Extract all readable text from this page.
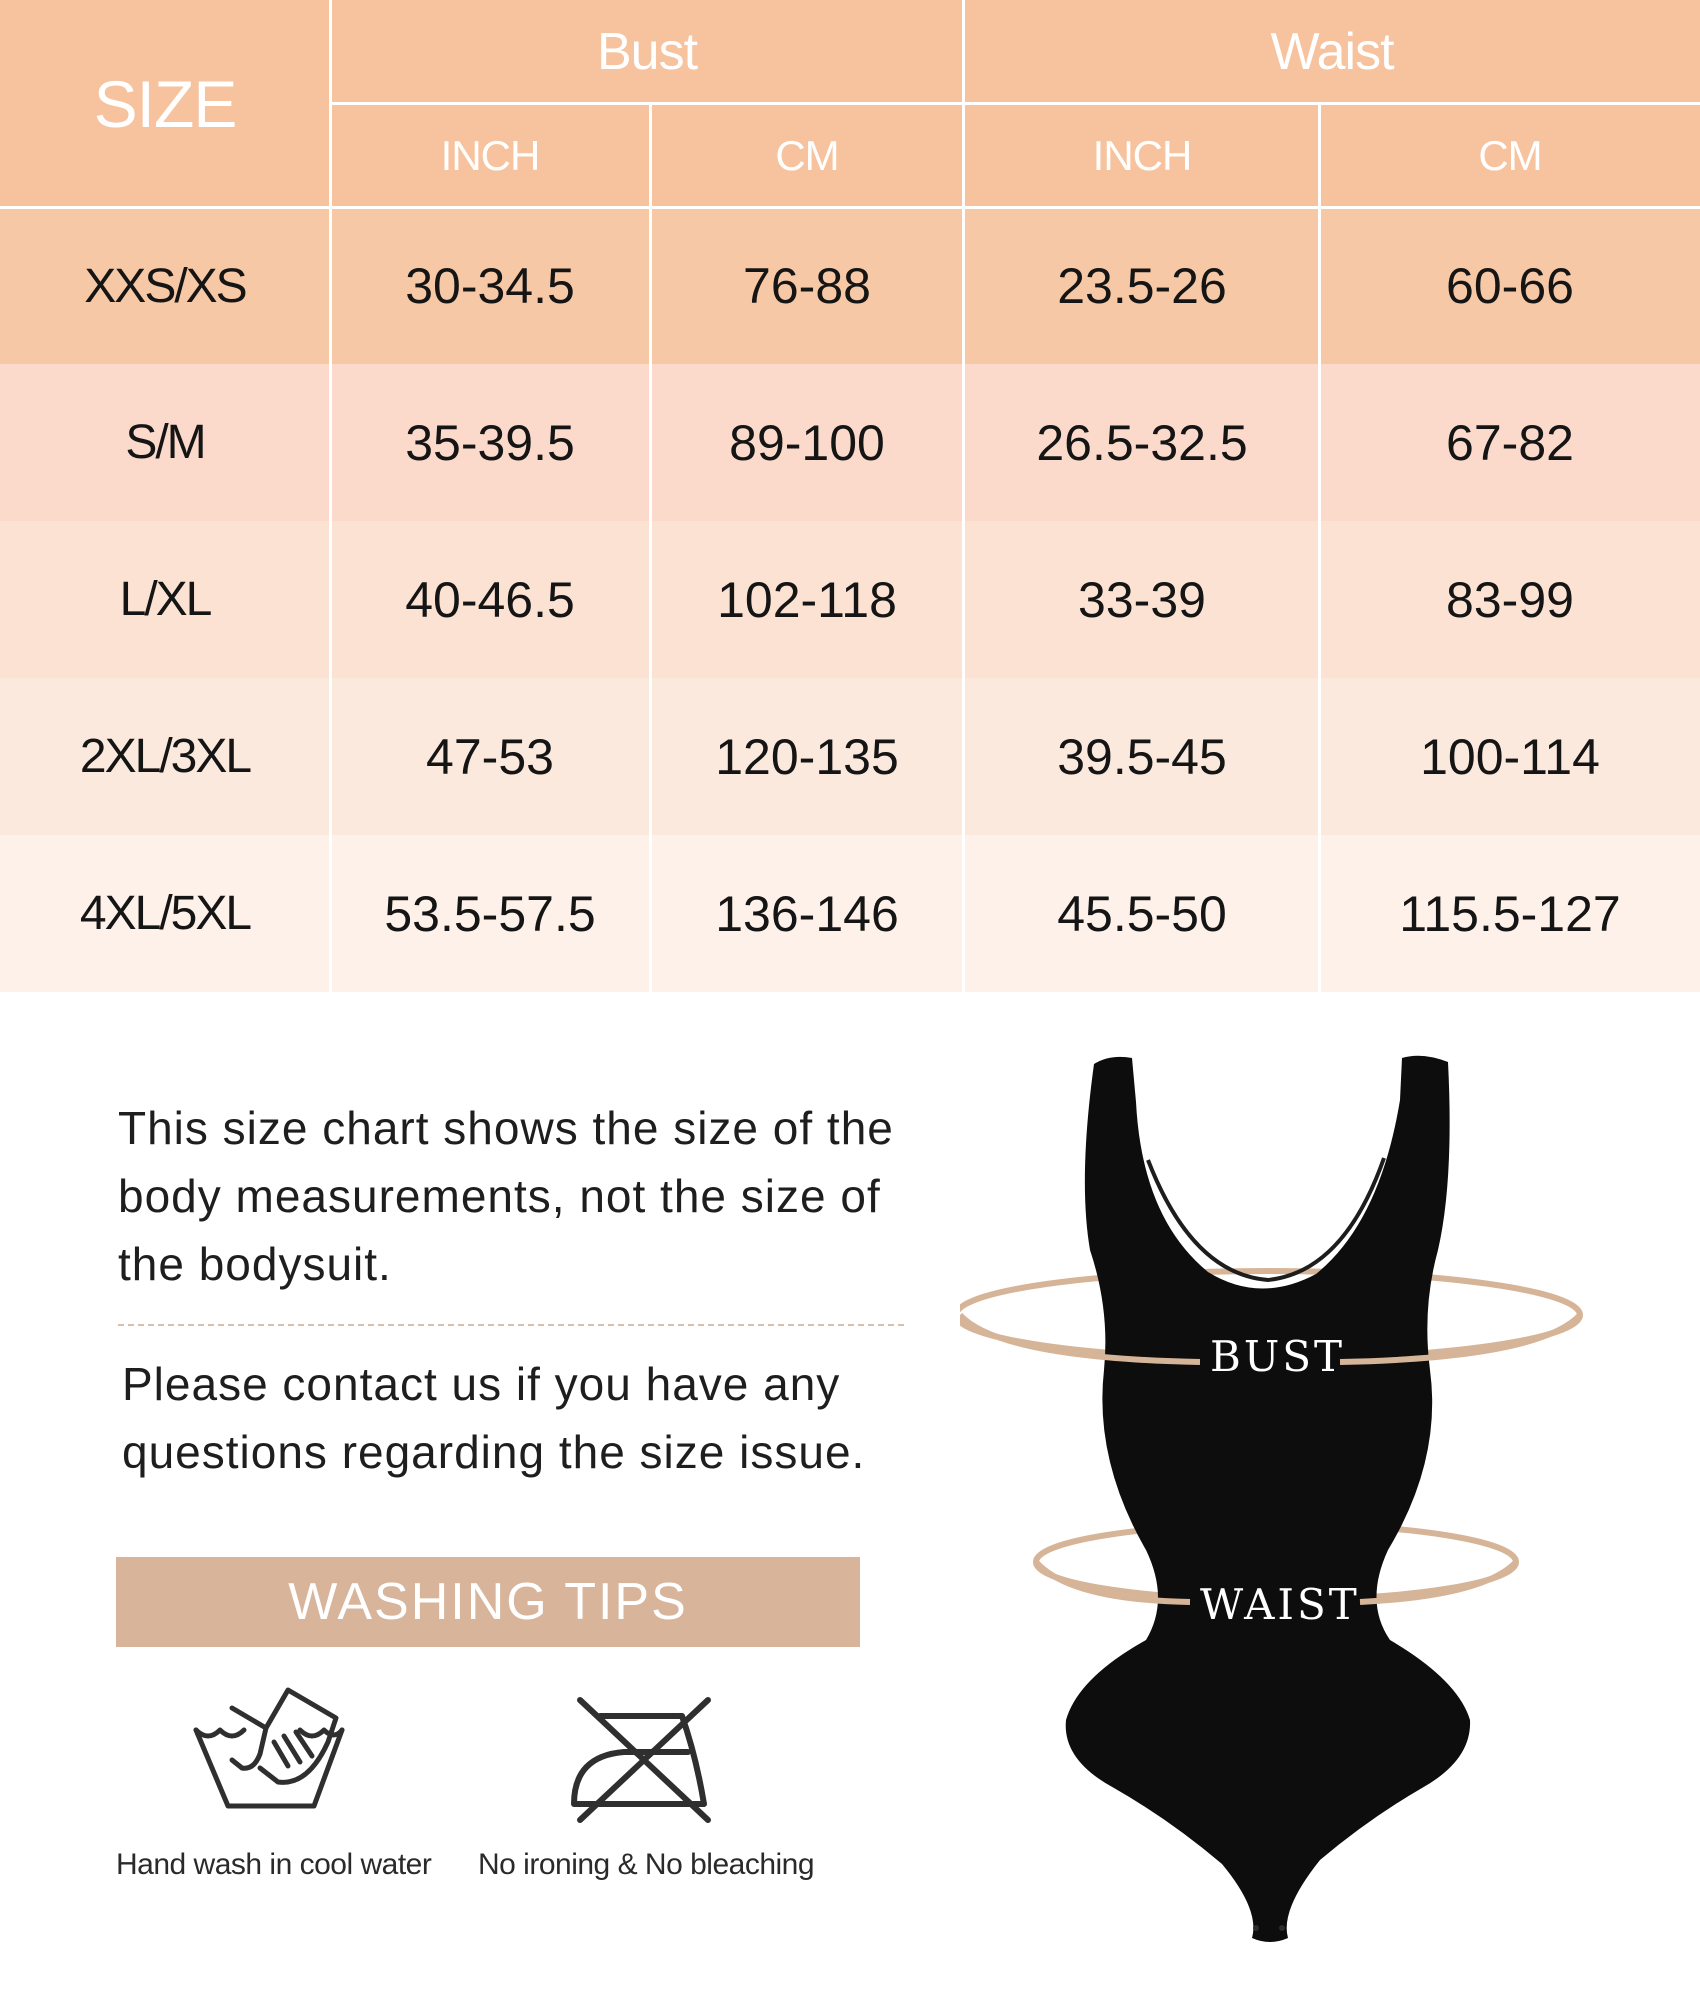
SIZE
Bust	Waist
INCH	CM	INCH	CM
XXS/XS	30-34.5	76-88	23.5-26	60-66
S/M	35-39.5	89-100	26.5-32.5	67-82
L/XL	40-46.5	102-118	33-39	83-99
2XL/3XL	47-53	120-135	39.5-45	100-114
4XL/5XL	53.5-57.5	136-146	45.5-50	115.5-127

This size chart shows the size of the body measurements, not the size of the bodysuit.

Please contact us if you have any questions regarding the size issue.

WASHING TIPS
Hand wash in cool water No ironing & No bleaching
BUST
WAIST
